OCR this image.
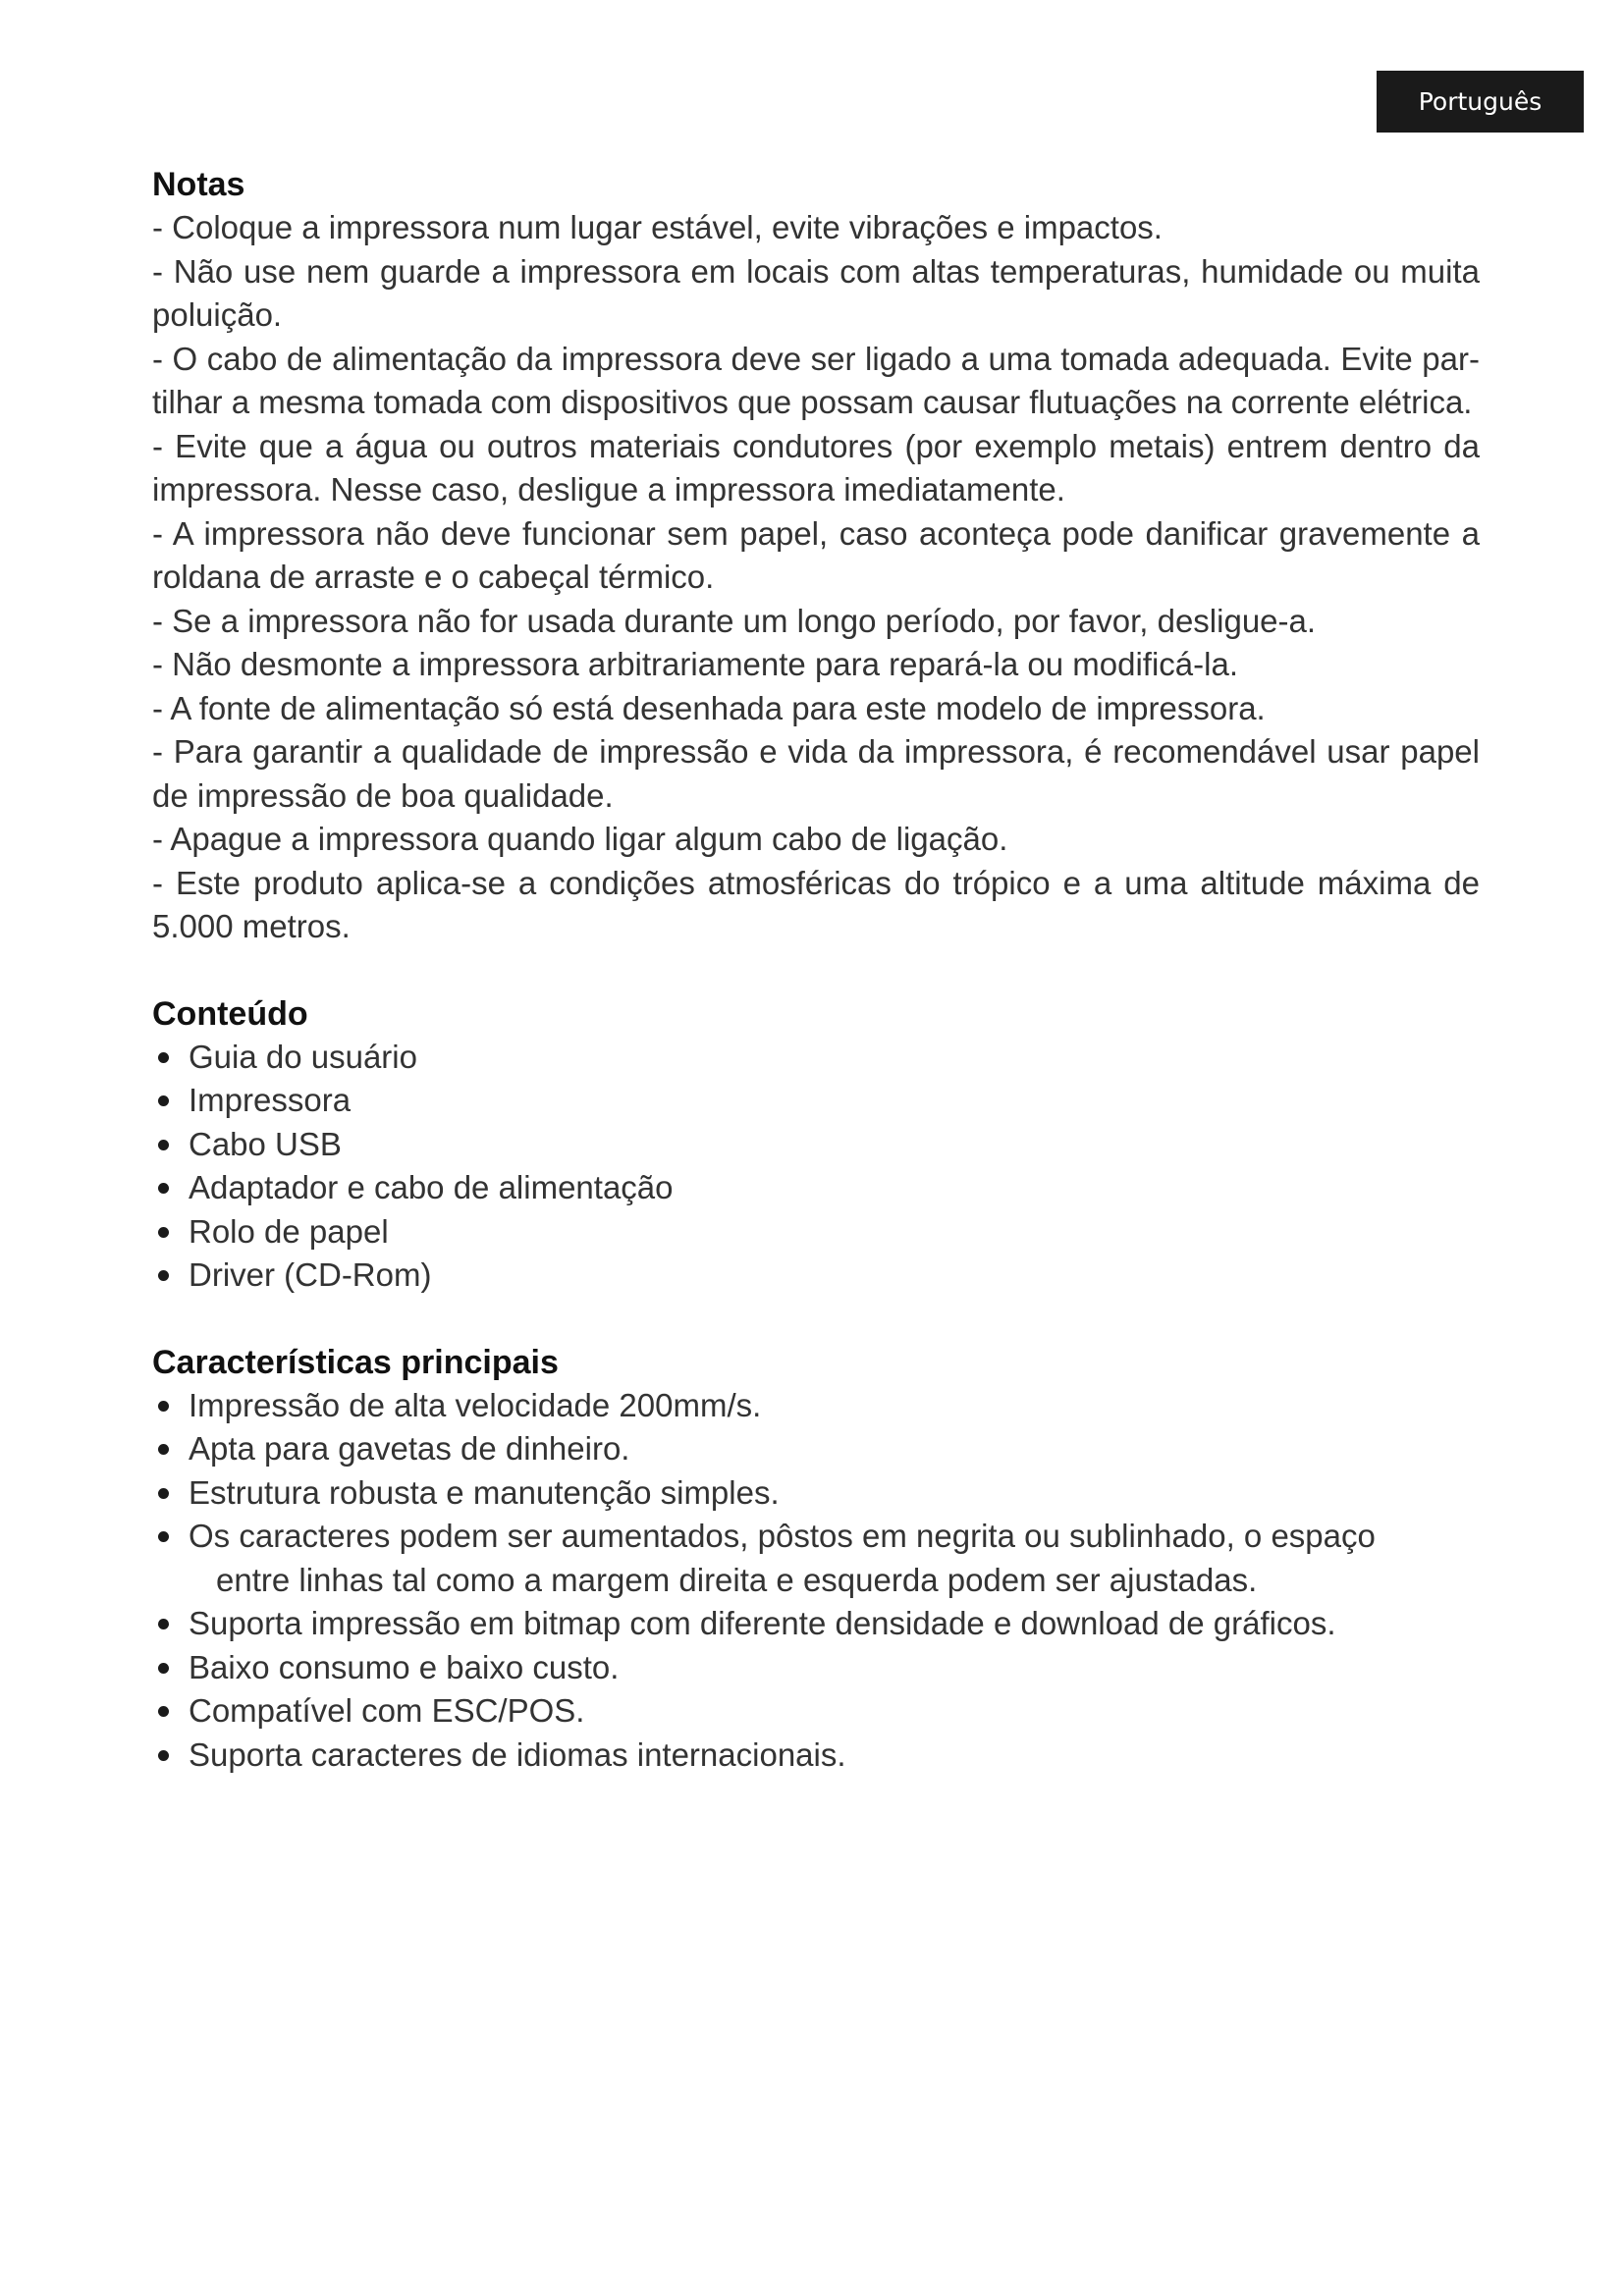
Português
Notas
- Coloque a impressora num lugar estável, evite vibrações e impactos.
- Não use nem guarde a impressora em locais com altas temperaturas, humidade ou muita poluição.
- O cabo de alimentação da impressora deve ser ligado a uma tomada adequada. Evite par-tilhar a mesma tomada com dispositivos que possam causar flutuações na corrente elétrica.
- Evite que a água ou outros materiais condutores (por exemplo metais) entrem dentro da impressora. Nesse caso, desligue a impressora imediatamente.
- A impressora não deve funcionar sem papel, caso aconteça pode danificar gravemente a roldana de arraste e o cabeçal térmico.
- Se a impressora não for usada durante um longo período, por favor, desligue-a.
- Não desmonte a impressora arbitrariamente para repará-la ou modificá-la.
- A fonte de alimentação só está desenhada para este modelo de impressora.
- Para garantir a qualidade de impressão e vida da impressora, é recomendável usar papel de impressão de boa qualidade.
- Apague a impressora quando ligar algum cabo de ligação.
- Este produto aplica-se a condições atmosféricas do trópico e a uma altitude máxima de 5.000 metros.
Conteúdo
Guia do usuário
Impressora
Cabo USB
Adaptador e cabo de alimentação
Rolo de papel
Driver (CD-Rom)
Características principais
Impressão de alta velocidade 200mm/s.
Apta para gavetas de dinheiro.
Estrutura robusta e manutenção simples.
Os caracteres podem ser aumentados, pôstos em negrita ou sublinhado, o espaço
entre linhas tal como a margem direita e esquerda podem ser ajustadas.
Suporta impressão em bitmap com diferente densidade e download de gráficos.
Baixo consumo e baixo custo.
Compatível com ESC/POS.
Suporta caracteres de idiomas internacionais.
